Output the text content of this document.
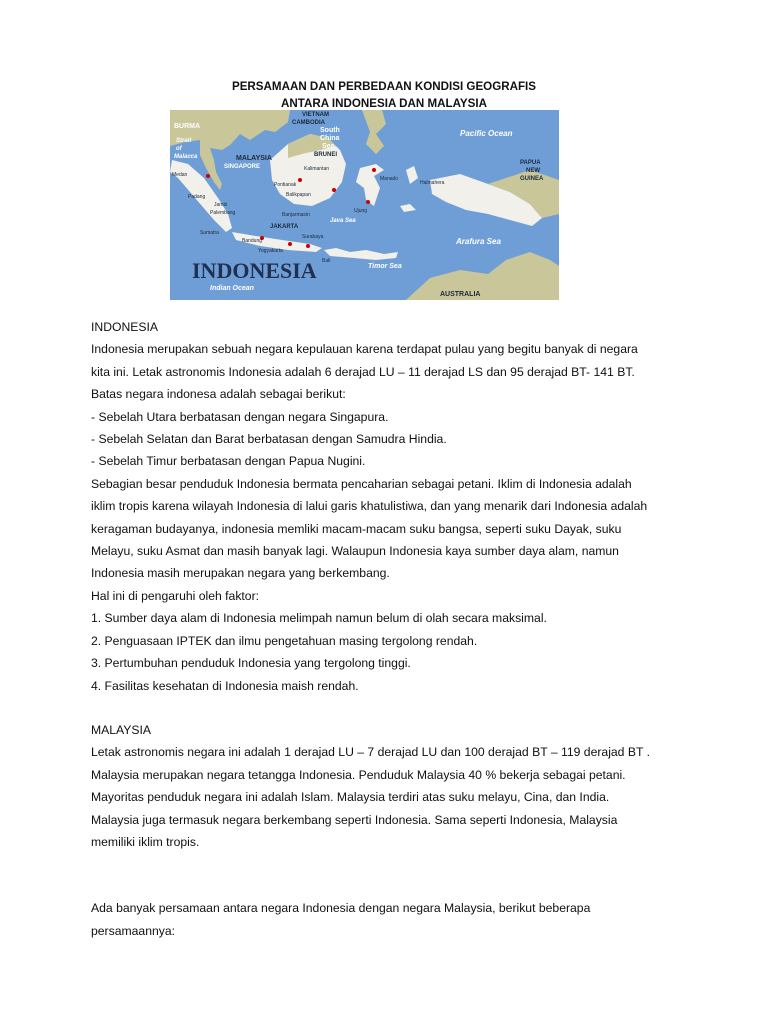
PERSAMAAN DAN PERBEDAAN KONDISI GEOGRAFIS
ANTARA INDONESIA DAN MALAYSIA
BURMA
VIETNAM
CAMBODIA
South
China
Sea
Pacific Ocean
Strait
of
Malacca	MALAYSIA	BRUNEI
SINGAPORE
PAPUA
NEW
GUINEA
Medan
Padang
Jambi
Palembang
Sumatra
Bandung
JAKARTA
Yogyakarta
Surabaya
Bali
Kalimantan
Pontianak
Balikpapan
Banjarmasin
Ujung
Manado
Halmahera
Java Sea
Arafura Sea
Timor Sea
INDONESIA
Indian Ocean
AUSTRALIA

INDONESIA

Indonesia merupakan sebuah negara kepulauan karena terdapat pulau yang begitu banyak di negara

kita ini. Letak astronomis Indonesia adalah 6 derajad LU – 11 derajad LS dan 95 derajad BT- 141 BT.

Batas negara indonesa adalah sebagai berikut:

- Sebelah Utara berbatasan dengan negara Singapura.

- Sebelah Selatan dan Barat berbatasan dengan Samudra Hindia.

- Sebelah Timur berbatasan dengan Papua Nugini.

Sebagian besar penduduk Indonesia bermata pencaharian sebagai petani. Iklim di Indonesia adalah

iklim tropis karena wilayah Indonesia di lalui garis khatulistiwa, dan yang menarik dari Indonesia adalah

keragaman budayanya, indonesia memliki macam-macam suku bangsa, seperti suku Dayak, suku

Melayu, suku Asmat dan masih banyak lagi. Walaupun Indonesia kaya sumber daya alam, namun

Indonesia masih merupakan negara yang berkembang.

Hal ini di pengaruhi oleh faktor:

1. Sumber daya alam di Indonesia melimpah namun belum di olah secara maksimal.

2. Penguasaan IPTEK dan ilmu pengetahuan masing tergolong rendah.

3. Pertumbuhan penduduk Indonesia yang tergolong tinggi.

4. Fasilitas kesehatan di Indonesia maish rendah.

MALAYSIA

Letak astronomis negara ini adalah 1 derajad LU – 7 derajad LU dan 100 derajad BT – 119 derajad BT .

Malaysia merupakan negara tetangga Indonesia. Penduduk Malaysia 40 % bekerja sebagai petani.

Mayoritas penduduk negara ini adalah Islam. Malaysia terdiri atas suku melayu, Cina, dan India.

Malaysia juga termasuk negara berkembang seperti Indonesia. Sama seperti Indonesia, Malaysia

memiliki iklim tropis.

Ada banyak persamaan antara negara Indonesia dengan negara Malaysia, berikut beberapa

persamaannya:
